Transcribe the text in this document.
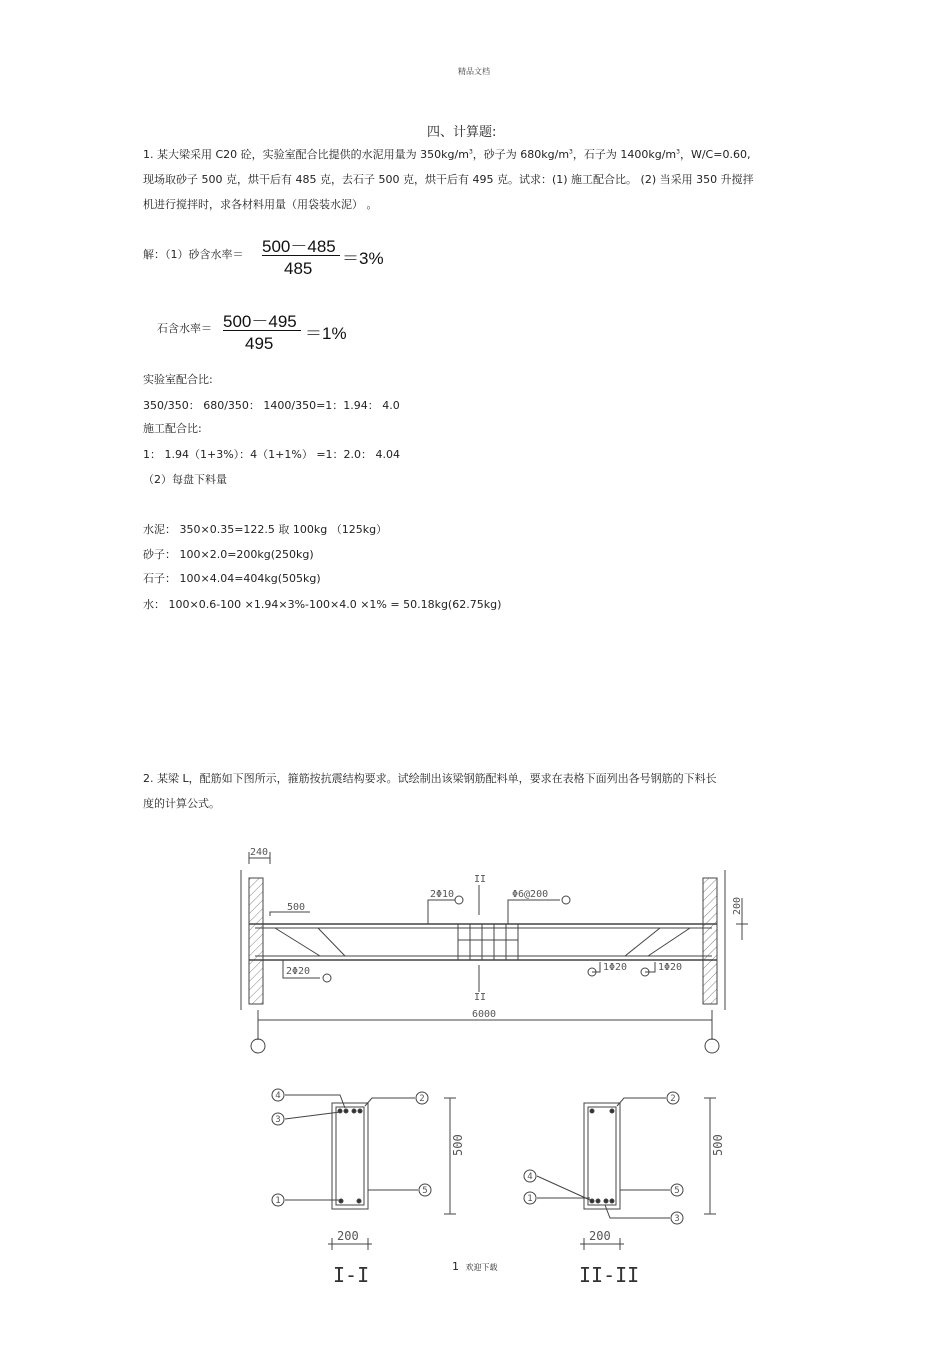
精品文档
四、计算题:
1. 某大梁采用 C20 砼，实验室配合比提供的水泥用量为 $350kg/m^3$，砂子为 $680kg/m^3$，石子为 $1400kg/m^3$，W/C=0.60,
现场取砂子 500 克，烘干后有 485 克，去石子 500 克，烘干后有 495 克。试求：(1) 施工配合比。 (2) 当采用 350 升搅拌
机进行搅拌时，求各材料用量（用袋装水泥） 。
解：（1）砂含水率＝ 500－485
485
＝3%
石含水率＝ 500－495
495
＝1%
实验室配合比:
350/350： 680/350： 1400/350=1：1.94： 4.0
施工配合比:
1： 1.94（1+3%）：4（1+1%） =1：2.0： 4.04
（2）每盘下料量
水泥： 350×0.35=122.5 取 100kg （125kg）
砂子： 100×2.0=200kg(250kg)
石子： 100×4.04=404kg(505kg)
水： 100×0.6-100 ×1.94×3%-100×4.0 ×1% = 50.18kg(62.75kg)
2. 某梁 L，配筋如下图所示，箍筋按抗震结构要求。试绘制出该梁钢筋配料单，要求在表格下面列出各号钢筋的下料长
度的计算公式。
240
500
2Φ10	Φ6@200
2Φ20	1Φ20	1Φ20
II
II
6000
200
4
3
1
2
5
2
4
1
5
3
200	200
500	500
I-I	II-II
1 欢迎下载
